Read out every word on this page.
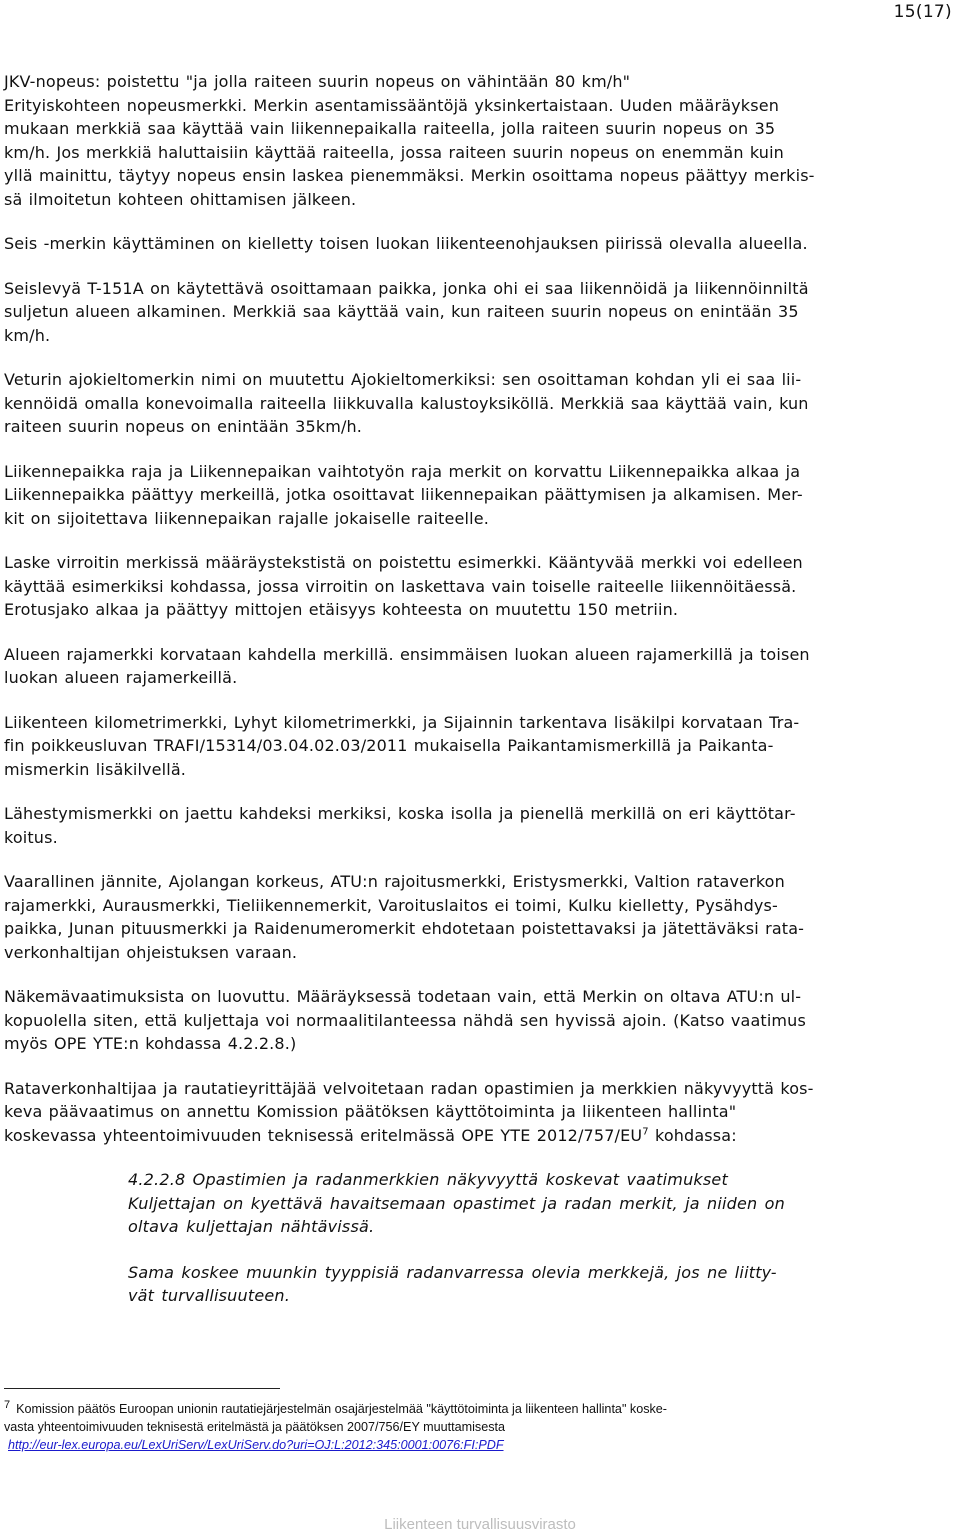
15(17)

JKV-nopeus: poistettu "ja jolla raiteen suurin nopeus on vähintään 80 km/h"
Erityiskohteen nopeusmerkki. Merkin asentamissääntöjä yksinkertaistaan. Uuden määräyksen
mukaan merkkiä saa käyttää vain liikennepaikalla raiteella, jolla raiteen suurin nopeus on 35
km/h. Jos merkkiä haluttaisiin käyttää raiteella, jossa raiteen suurin nopeus on enemmän kuin
yllä mainittu, täytyy nopeus ensin laskea pienemmäksi. Merkin osoittama nopeus päättyy merkis-
sä ilmoitetun kohteen ohittamisen jälkeen.

Seis -merkin käyttäminen on kielletty toisen luokan liikenteenohjauksen piirissä olevalla alueella.

Seislevyä T-151A on käytettävä osoittamaan paikka, jonka ohi ei saa liikennöidä ja liikennöinniltä
suljetun alueen alkaminen. Merkkiä saa käyttää vain, kun raiteen suurin nopeus on enintään 35
km/h.

Veturin ajokieltomerkin nimi on muutettu Ajokieltomerkiksi: sen osoittaman kohdan yli ei saa lii-
kennöidä omalla konevoimalla raiteella liikkuvalla kalustoyksiköllä. Merkkiä saa käyttää vain, kun
raiteen suurin nopeus on enintään 35km/h.

Liikennepaikka raja ja Liikennepaikan vaihtotyön raja merkit on korvattu Liikennepaikka alkaa ja
Liikennepaikka päättyy merkeillä, jotka osoittavat liikennepaikan päättymisen ja alkamisen. Mer-
kit on sijoitettava liikennepaikan rajalle jokaiselle raiteelle.

Laske virroitin merkissä määräystekstistä on poistettu esimerkki. Kääntyvää merkki voi edelleen
käyttää esimerkiksi kohdassa, jossa virroitin on laskettava vain toiselle raiteelle liikennöitäessä.
Erotusjako alkaa ja päättyy mittojen etäisyys kohteesta on muutettu 150 metriin.

Alueen rajamerkki korvataan kahdella merkillä. ensimmäisen luokan alueen rajamerkillä ja toisen
luokan alueen rajamerkeillä.

Liikenteen kilometrimerkki, Lyhyt kilometrimerkki, ja Sijainnin tarkentava lisäkilpi korvataan Tra-
fin poikkeusluvan TRAFI/15314/03.04.02.03/2011 mukaisella Paikantamismerkillä ja Paikanta-
mismerkin lisäkilvellä.

Lähestymismerkki on jaettu kahdeksi merkiksi, koska isolla ja pienellä merkillä on eri käyttötar-
koitus.

Vaarallinen jännite, Ajolangan korkeus, ATU:n rajoitusmerkki, Eristysmerkki, Valtion rataverkon
rajamerkki, Aurausmerkki, Tieliikennemerkit, Varoituslaitos ei toimi, Kulku kielletty, Pysähdys-
paikka, Junan pituusmerkki ja Raidenumeromerkit ehdotetaan poistettavaksi ja jätettäväksi rata-
verkonhaltijan ohjeistuksen varaan.

Näkemävaatimuksista on luovuttu. Määräyksessä todetaan vain, että Merkin on oltava ATU:n ul-
kopuolella siten, että kuljettaja voi normaalitilanteessa nähdä sen hyvissä ajoin. (Katso vaatimus
myös OPE YTE:n kohdassa 4.2.2.8.)

Rataverkonhaltijaa ja rautatieyrittäjää velvoitetaan radan opastimien ja merkkien näkyvyyttä kos-
keva päävaatimus on annettu Komission päätöksen käyttötoiminta ja liikenteen hallinta"
koskevassa yhteentoimivuuden teknisessä eritelmässä OPE YTE $2012/757/EU^7$ kohdassa:

4.2.2.8 Opastimien ja radanmerkkien näkyvyyttä koskevat vaatimukset
Kuljettajan on kyettävä havaitsemaan opastimet ja radan merkit, ja niiden on
oltava kuljettajan nähtävissä.
Sama koskee muunkin tyyppisiä radanvarressa olevia merkkejä, jos ne liitty-
vät turvallisuuteen.
7 Komission päätös Euroopan unionin rautatiejärjestelmän osajärjestelmää "käyttötoiminta ja liikenteen hallinta" koske-
vasta yhteentoimivuuden teknisestä eritelmästä ja päätöksen 2007/756/EY muuttamisesta
http://eur-lex.europa.eu/LexUriServ/LexUriServ.do?uri=OJ:L:2012:345:0001:0076:FI:PDF
Liikenteen turvallisuusvirasto
